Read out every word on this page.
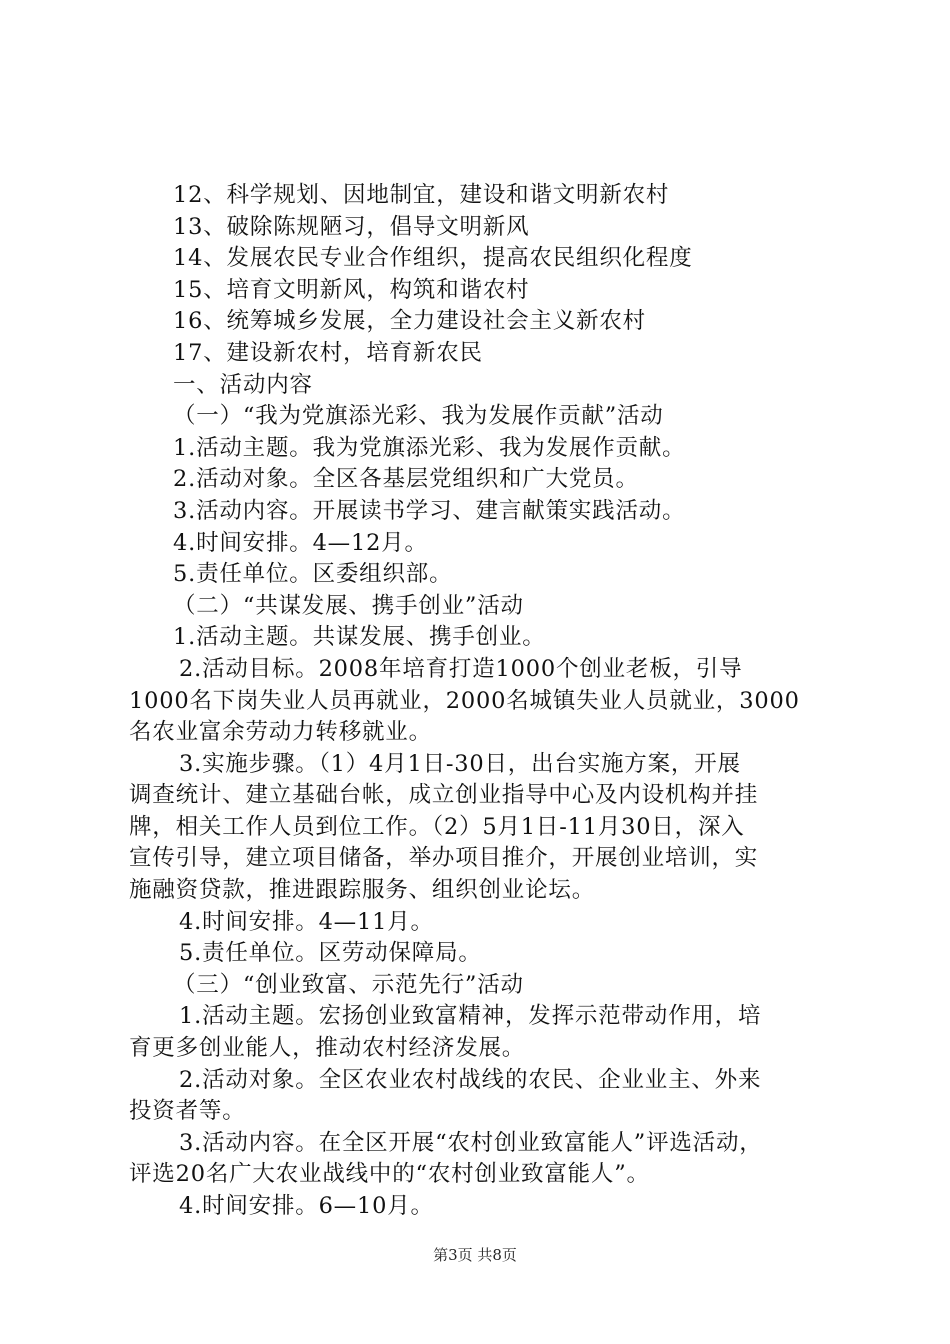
12、科学规划、因地制宜，建设和谐文明新农村
13、破除陈规陋习，倡导文明新风
14、发展农民专业合作组织，提高农民组织化程度
15、培育文明新风，构筑和谐农村
16、统筹城乡发展，全力建设社会主义新农村
17、建设新农村，培育新农民
一、活动内容
（一）“我为党旗添光彩、我为发展作贡献”活动
1.活动主题。我为党旗添光彩、我为发展作贡献。
2.活动对象。全区各基层党组织和广大党员。
3.活动内容。开展读书学习、建言献策实践活动。
4.时间安排。4—12月。
5.责任单位。区委组织部。
（二）“共谋发展、携手创业”活动
1.活动主题。共谋发展、携手创业。
2.活动目标。2008年培育打造1000个创业老板，引导
1000名下岗失业人员再就业，2000名城镇失业人员就业，3000
名农业富余劳动力转移就业。
3.实施步骤。（1）4月1日-30日，出台实施方案，开展
调查统计、建立基础台帐，成立创业指导中心及内设机构并挂
牌，相关工作人员到位工作。（2）5月1日-11月30日，深入
宣传引导，建立项目储备，举办项目推介，开展创业培训，实
施融资贷款，推进跟踪服务、组织创业论坛。
4.时间安排。4—11月。
5.责任单位。区劳动保障局。
（三）“创业致富、示范先行”活动
1.活动主题。宏扬创业致富精神，发挥示范带动作用，培
育更多创业能人，推动农村经济发展。
2.活动对象。全区农业农村战线的农民、企业业主、外来
投资者等。
3.活动内容。在全区开展“农村创业致富能人”评选活动，
评选20名广大农业战线中的“农村创业致富能人”。
4.时间安排。6—10月。
第3页 共8页
